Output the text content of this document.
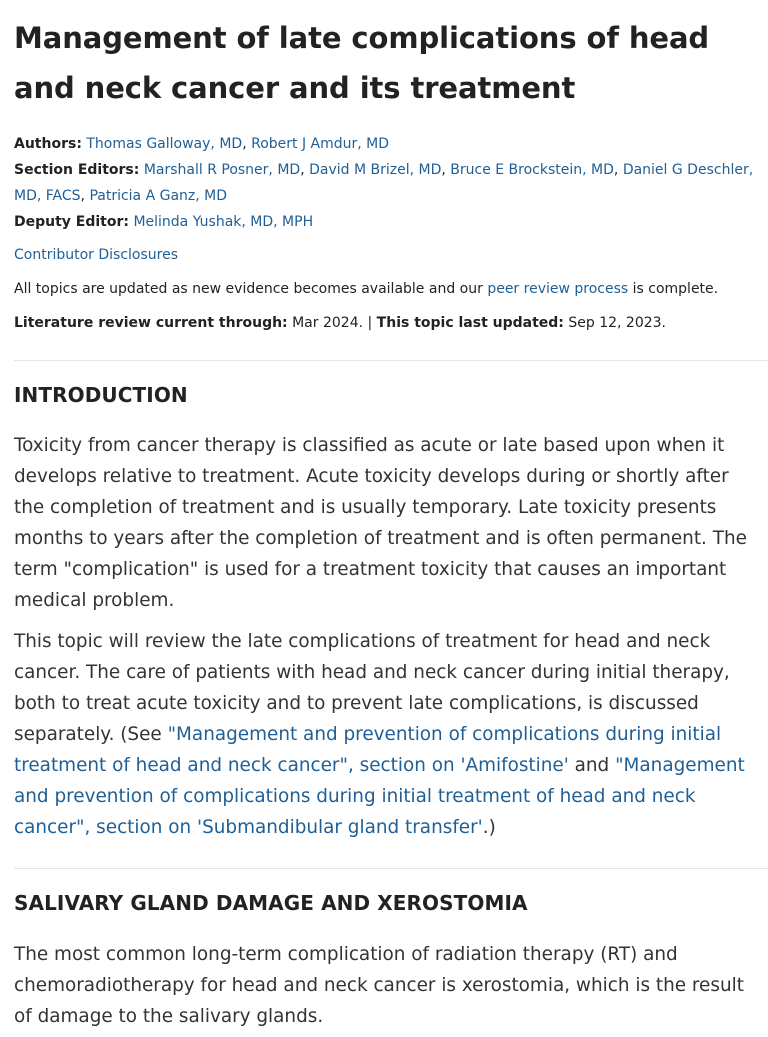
Management of late complications of head and neck cancer and its treatment
Authors: Thomas Galloway, MD, Robert J Amdur, MD
Section Editors: Marshall R Posner, MD, David M Brizel, MD, Bruce E Brockstein, MD, Daniel G Deschler, MD, FACS, Patricia A Ganz, MD
Deputy Editor: Melinda Yushak, MD, MPH
Contributor Disclosures
All topics are updated as new evidence becomes available and our peer review process is complete.
Literature review current through: Mar 2024. | This topic last updated: Sep 12, 2023.
INTRODUCTION

Toxicity from cancer therapy is classified as acute or late based upon when it develops relative to treatment. Acute toxicity develops during or shortly after the completion of treatment and is usually temporary. Late toxicity presents months to years after the completion of treatment and is often permanent. The term "complication" is used for a treatment toxicity that causes an important medical problem.

This topic will review the late complications of treatment for head and neck cancer. The care of patients with head and neck cancer during initial therapy, both to treat acute toxicity and to prevent late complications, is discussed separately. (See "Management and prevention of complications during initial treatment of head and neck cancer", section on 'Amifostine' and "Management and prevention of complications during initial treatment of head and neck cancer", section on 'Submandibular gland transfer'.)

SALIVARY GLAND DAMAGE AND XEROSTOMIA

The most common long-term complication of radiation therapy (RT) and chemoradiotherapy for head and neck cancer is xerostomia, which is the result of damage to the salivary glands.
